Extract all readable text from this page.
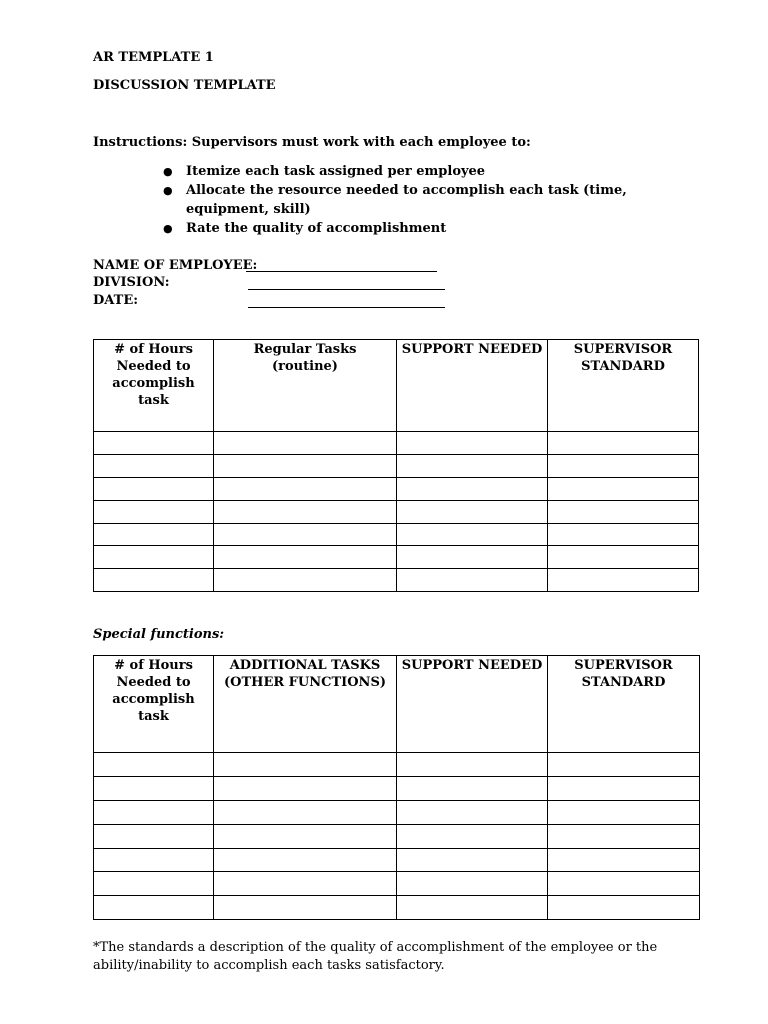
AR TEMPLATE 1
DISCUSSION TEMPLATE
Instructions: Supervisors must work with each employee to:
● Itemize each task assigned per employee
● Allocate the resource needed to accomplish each task (time, equipment, skill)
● Rate the quality of accomplishment
NAME OF EMPLOYEE:
DIVISION:
DATE:
# of Hours Needed to accomplish task	Regular Tasks (routine)	SUPPORT NEEDED	SUPERVISOR STANDARD

Special functions:
# of Hours Needed to accomplish task	ADDITIONAL TASKS (OTHER FUNCTIONS)	SUPPORT NEEDED	SUPERVISOR STANDARD

*The standards a description of the quality of accomplishment of the employee or the ability/inability to accomplish each tasks satisfactory.
